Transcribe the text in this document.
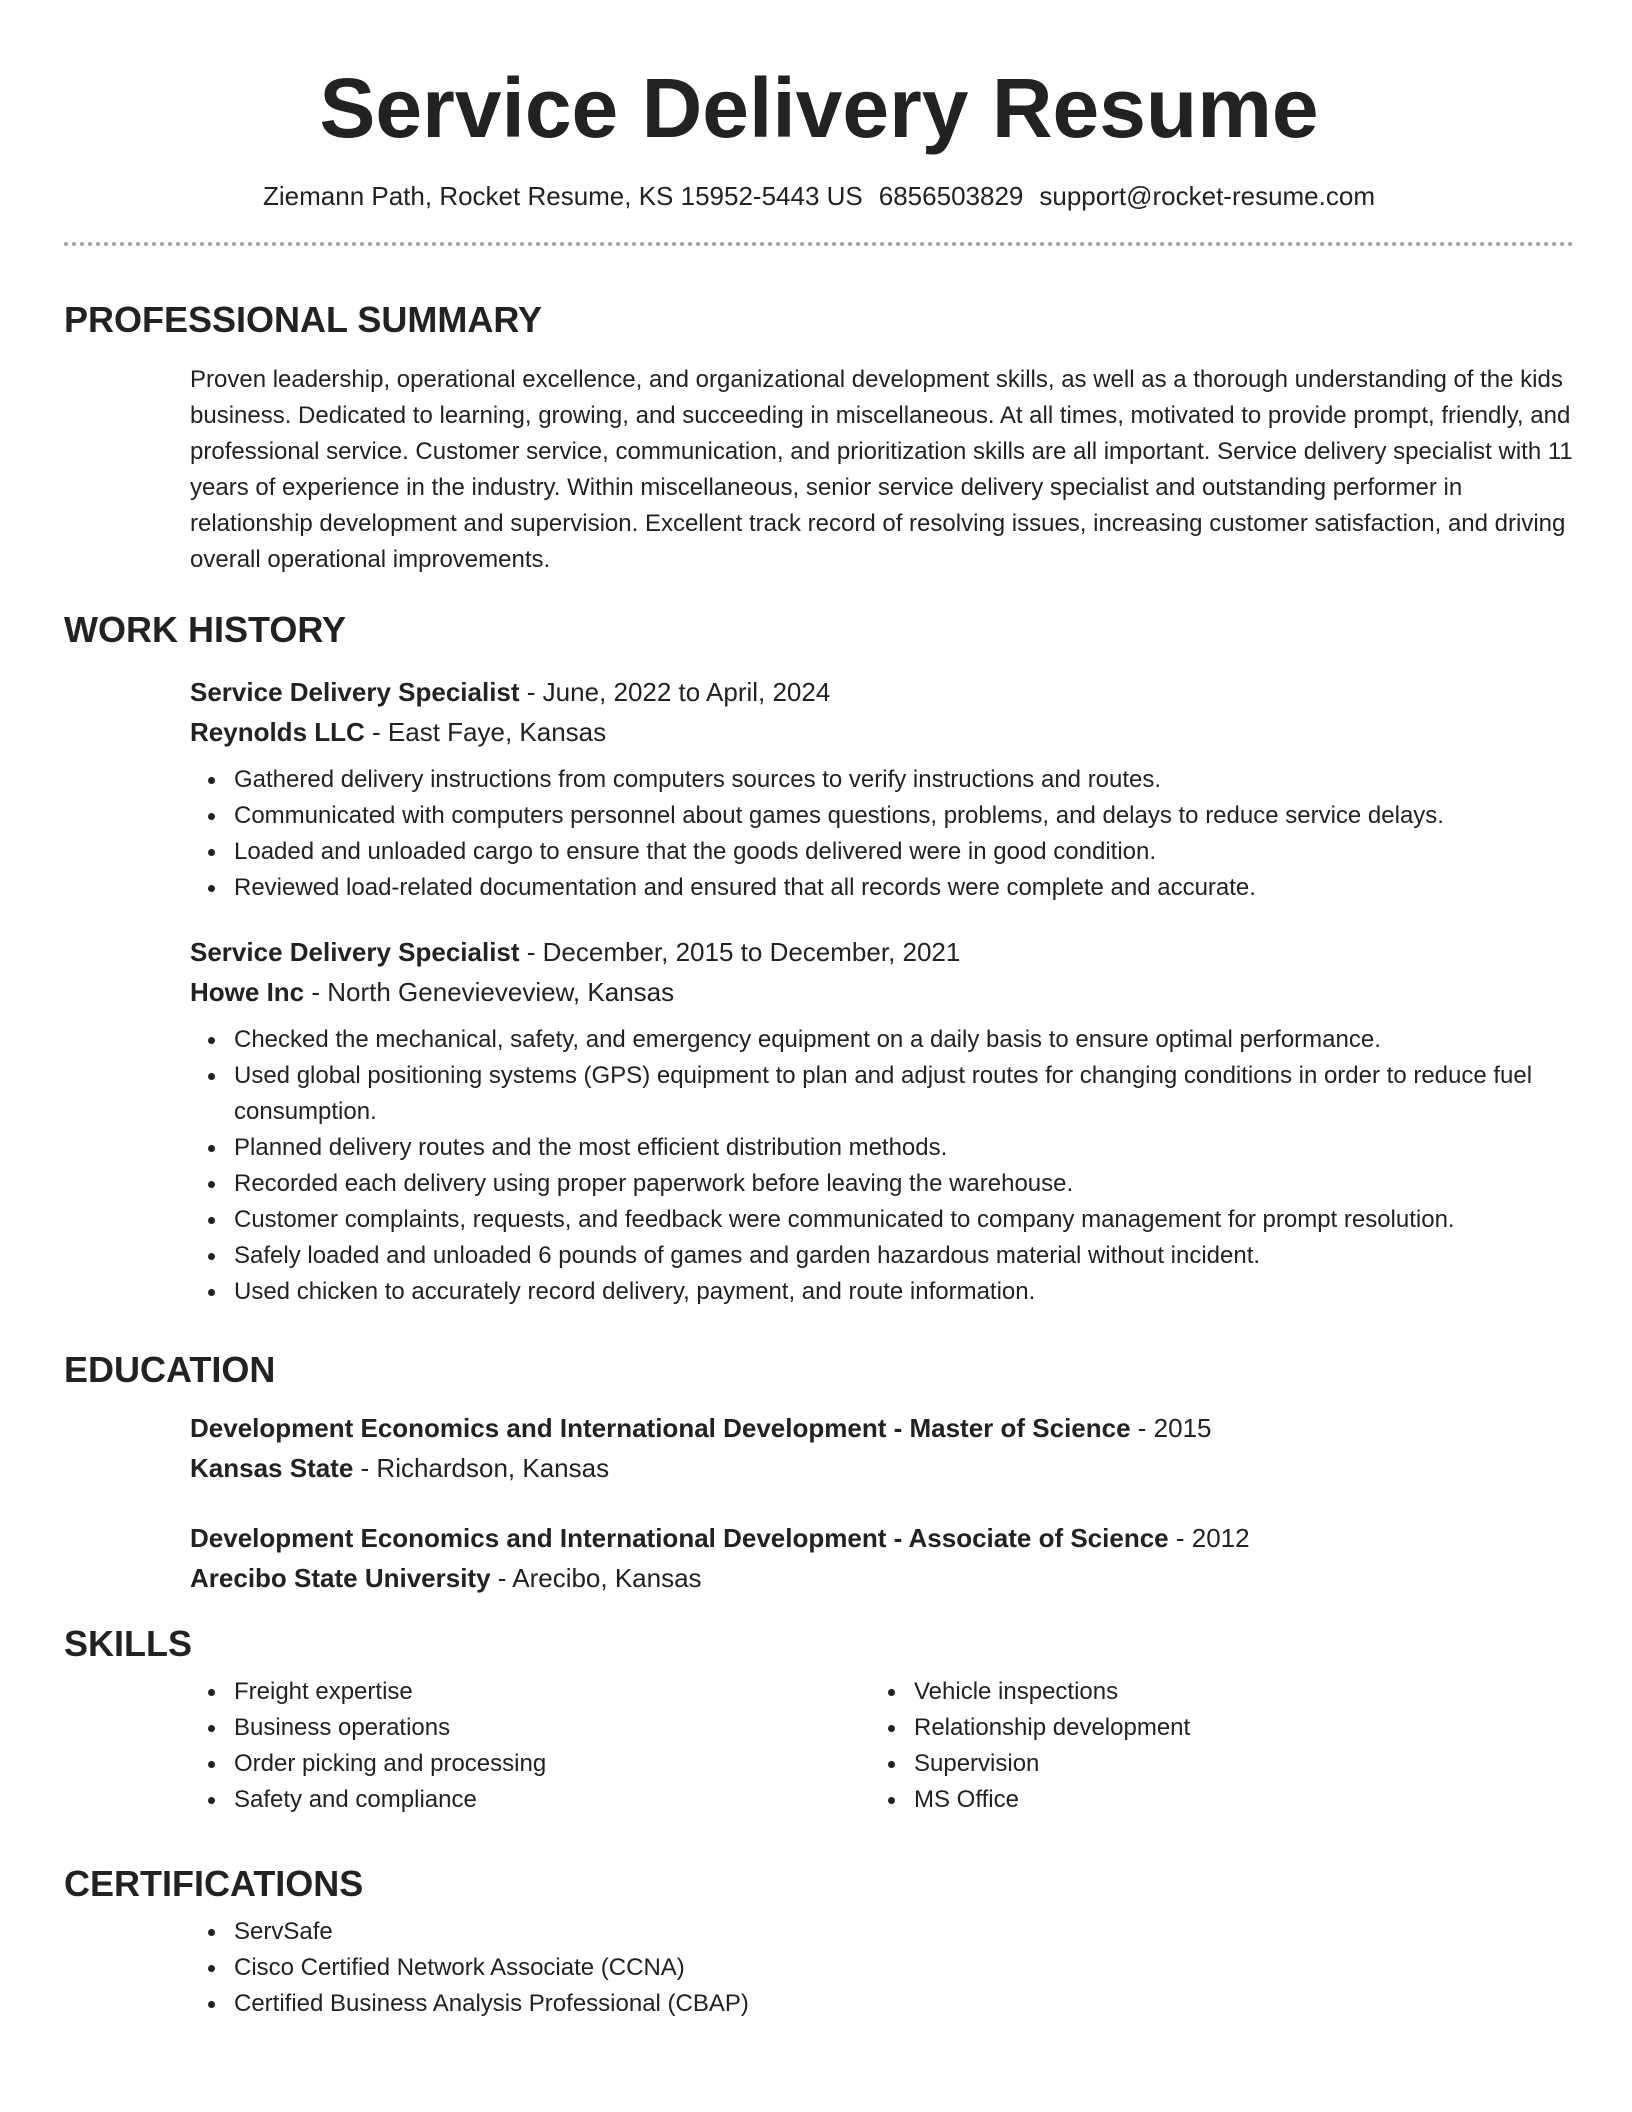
Service Delivery Resume
Ziemann Path, Rocket Resume, KS 15952-5443 US 6856503829 support@rocket-resume.com
PROFESSIONAL SUMMARY
Proven leadership, operational excellence, and organizational development skills, as well as a thorough understanding of the kids business. Dedicated to learning, growing, and succeeding in miscellaneous. At all times, motivated to provide prompt, friendly, and professional service. Customer service, communication, and prioritization skills are all important. Service delivery specialist with 11 years of experience in the industry. Within miscellaneous, senior service delivery specialist and outstanding performer in relationship development and supervision. Excellent track record of resolving issues, increasing customer satisfaction, and driving overall operational improvements.
WORK HISTORY
Service Delivery Specialist - June, 2022 to April, 2024
Reynolds LLC - East Faye, Kansas
Gathered delivery instructions from computers sources to verify instructions and routes.
Communicated with computers personnel about games questions, problems, and delays to reduce service delays.
Loaded and unloaded cargo to ensure that the goods delivered were in good condition.
Reviewed load-related documentation and ensured that all records were complete and accurate.
Service Delivery Specialist - December, 2015 to December, 2021
Howe Inc - North Genevieveview, Kansas
Checked the mechanical, safety, and emergency equipment on a daily basis to ensure optimal performance.
Used global positioning systems (GPS) equipment to plan and adjust routes for changing conditions in order to reduce fuel consumption.
Planned delivery routes and the most efficient distribution methods.
Recorded each delivery using proper paperwork before leaving the warehouse.
Customer complaints, requests, and feedback were communicated to company management for prompt resolution.
Safely loaded and unloaded 6 pounds of games and garden hazardous material without incident.
Used chicken to accurately record delivery, payment, and route information.
EDUCATION
Development Economics and International Development - Master of Science - 2015
Kansas State - Richardson, Kansas
Development Economics and International Development - Associate of Science - 2012
Arecibo State University - Arecibo, Kansas
SKILLS
Freight expertise
Business operations
Order picking and processing
Safety and compliance
Vehicle inspections
Relationship development
Supervision
MS Office
CERTIFICATIONS
ServSafe
Cisco Certified Network Associate (CCNA)
Certified Business Analysis Professional (CBAP)
